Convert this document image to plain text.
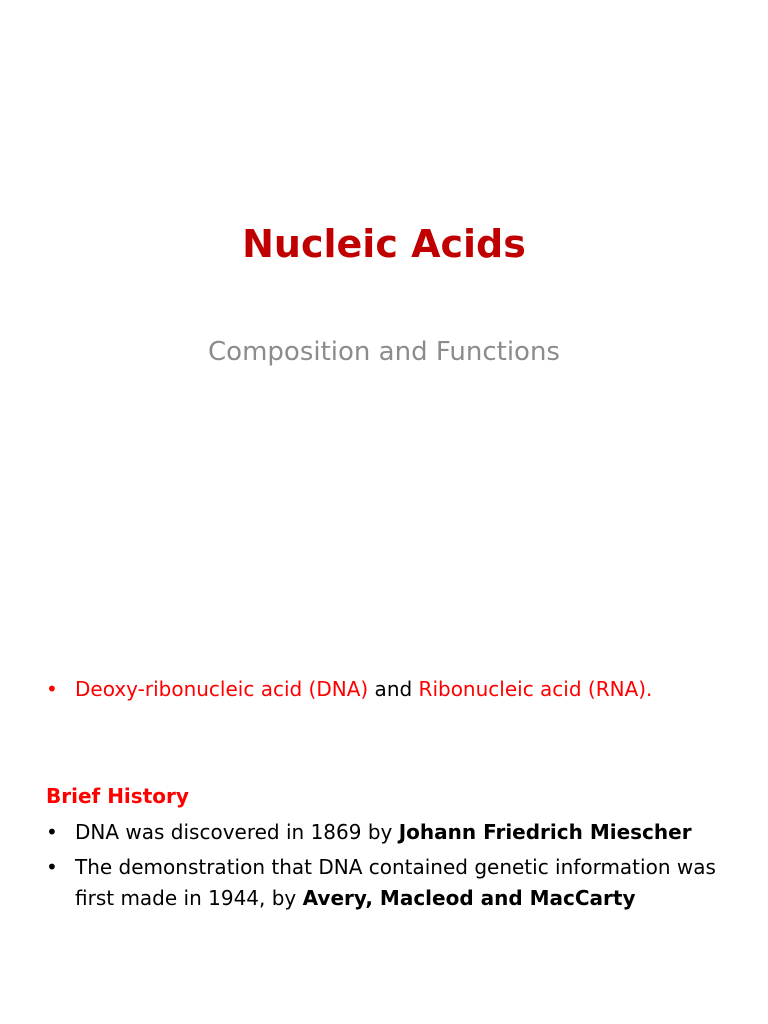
Nucleic Acids
Composition and Functions
• Deoxy-ribonucleic acid (DNA) and Ribonucleic acid (RNA).
Brief History
• DNA was discovered in 1869 by Johann Friedrich Miescher
• The demonstration that DNA contained genetic information was first made in 1944, by Avery, Macleod and MacCarty
